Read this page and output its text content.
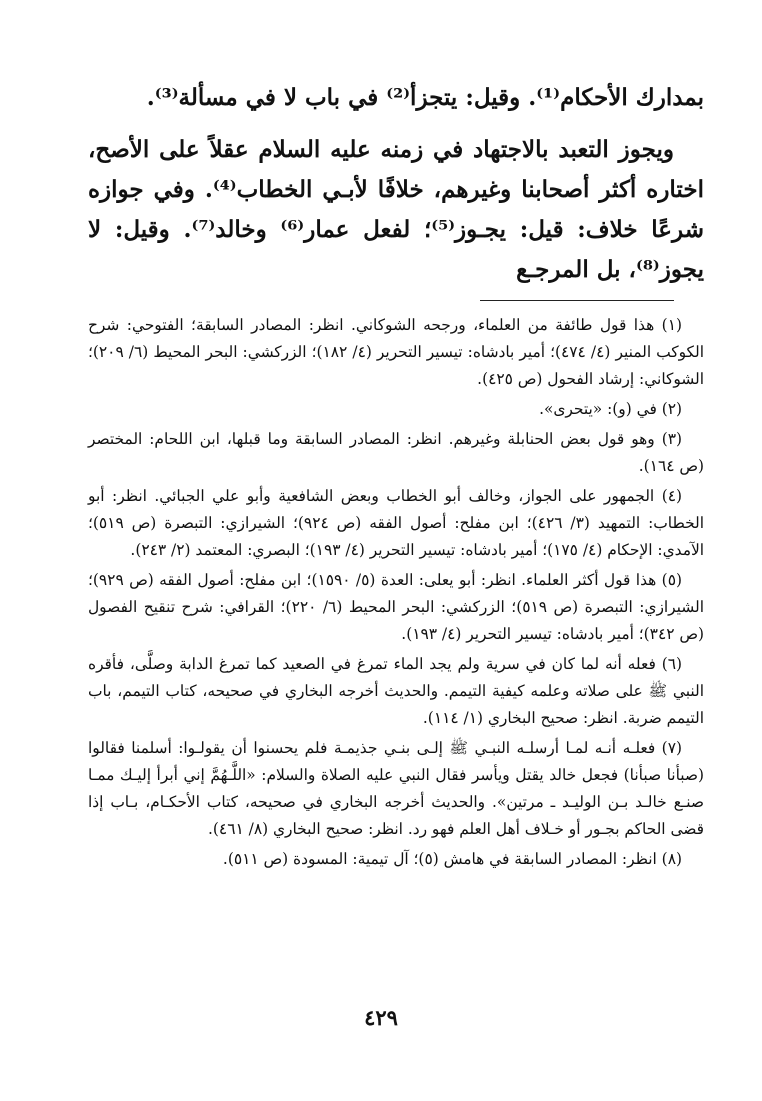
بمدارك الأحكام⁽¹⁾. وقيل: يتجزأ⁽²⁾ في باب لا في مسألة⁽³⁾.

ويجوز التعبد بالاجتهاد في زمنه عليه السلام عقلاً على الأصح، اختاره أكثر أصحابنا وغيرهم، خلافًا لأبـي الخطاب⁽⁴⁾. وفي جوازه شرعًا خلاف: قيل: يجـوز⁽⁵⁾؛ لفعل عمار⁽⁶⁾ وخالد⁽⁷⁾. وقيل: لا يجوز⁽⁸⁾، بل المرجـع

(١) هذا قول طائفة من العلماء، ورجحه الشوكاني. انظر: المصادر السابقة؛ الفتوحي: شرح الكوكب المنير (٤/ ٤٧٤)؛ أمير بادشاه: تيسير التحرير (٤/ ١٨٢)؛ الزركشي: البحر المحيط (٦/ ٢٠٩)؛ الشوكاني: إرشاد الفحول (ص ٤٢٥).

(٢) في (و): «يتحرى».

(٣) وهو قول بعض الحنابلة وغيرهم. انظر: المصادر السابقة وما قبلها، ابن اللحام: المختصر (ص ١٦٤).

(٤) الجمهور على الجواز، وخالف أبو الخطاب وبعض الشافعية وأبو علي الجبائي. انظر: أبو الخطاب: التمهيد (٣/ ٤٢٦)؛ ابن مفلح: أصول الفقه (ص ٩٢٤)؛ الشيرازي: التبصرة (ص ٥١٩)؛ الآمدي: الإحكام (٤/ ١٧٥)؛ أمير بادشاه: تيسير التحرير (٤/ ١٩٣)؛ البصري: المعتمد (٢/ ٢٤٣).

(٥) هذا قول أكثر العلماء. انظر: أبو يعلى: العدة (٥/ ١٥٩٠)؛ ابن مفلح: أصول الفقه (ص ٩٢٩)؛ الشيرازي: التبصرة (ص ٥١٩)؛ الزركشي: البحر المحيط (٦/ ٢٢٠)؛ القرافي: شرح تنقيح الفصول (ص ٣٤٢)؛ أمير بادشاه: تيسير التحرير (٤/ ١٩٣).

(٦) فعله أنه لما كان في سرية ولم يجد الماء تمرغ في الصعيد كما تمرغ الدابة وصلَّى، فأقره النبي ﷺ على صلاته وعلمه كيفية التيمم. والحديث أخرجه البخاري في صحيحه، كتاب التيمم، باب التيمم ضربة. انظر: صحيح البخاري (١/ ١١٤).

(٧) فعلـه أنـه لمـا أرسلـه النبـي ﷺ إلـى بنـي جذيمـة فلم يحسنوا أن يقولـوا: أسلمنا فقالوا (صبأنا صبأنا) فجعل خالد يقتل ويأسر فقال النبي عليه الصلاة والسلام: «اللَّـهُمَّ إني أبرأ إليـك ممـا صنـع خالـد بـن الوليـد ـ مرتين». والحديث أخرجه البخاري في صحيحه، كتاب الأحكـام، بـاب إذا قضى الحاكم بجـور أو خـلاف أهل العلم فهو رد. انظر: صحيح البخاري (٨/ ٤٦١).

(٨) انظر: المصادر السابقة في هامش (٥)؛ آل تيمية: المسودة (ص ٥١١).

٤٢٩
